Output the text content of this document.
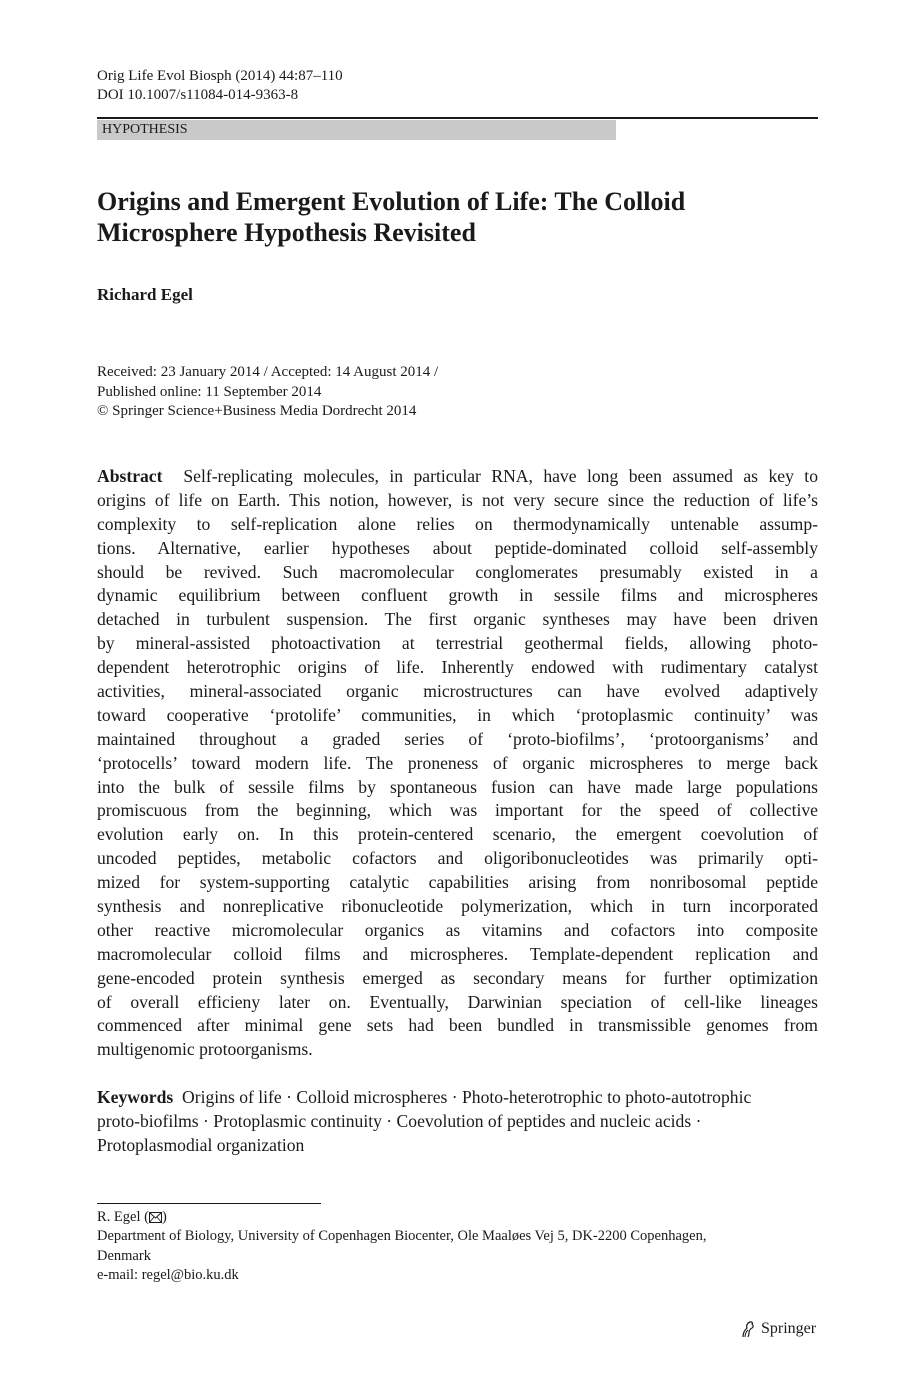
Orig Life Evol Biosph (2014) 44:87–110
DOI 10.1007/s11084-014-9363-8
HYPOTHESIS
Origins and Emergent Evolution of Life: The Colloid
Microsphere Hypothesis Revisited
Richard Egel
Received: 23 January 2014 / Accepted: 14 August 2014 /
Published online: 11 September 2014
© Springer Science+Business Media Dordrecht 2014
Abstract Self-replicating molecules, in particular RNA, have long been assumed as key to
origins of life on Earth. This notion, however, is not very secure since the reduction of life’s
complexity to self-replication alone relies on thermodynamically untenable assump-
tions. Alternative, earlier hypotheses about peptide-dominated colloid self-assembly
should be revived. Such macromolecular conglomerates presumably existed in a
dynamic equilibrium between confluent growth in sessile films and microspheres
detached in turbulent suspension. The first organic syntheses may have been driven
by mineral-assisted photoactivation at terrestrial geothermal fields, allowing photo-
dependent heterotrophic origins of life. Inherently endowed with rudimentary catalyst
activities, mineral-associated organic microstructures can have evolved adaptively
toward cooperative ‘protolife’ communities, in which ‘protoplasmic continuity’ was
maintained throughout a graded series of ‘proto-biofilms’, ‘protoorganisms’ and
‘protocells’ toward modern life. The proneness of organic microspheres to merge back
into the bulk of sessile films by spontaneous fusion can have made large populations
promiscuous from the beginning, which was important for the speed of collective
evolution early on. In this protein-centered scenario, the emergent coevolution of
uncoded peptides, metabolic cofactors and oligoribonucleotides was primarily opti-
mized for system-supporting catalytic capabilities arising from nonribosomal peptide
synthesis and nonreplicative ribonucleotide polymerization, which in turn incorporated
other reactive micromolecular organics as vitamins and cofactors into composite
macromolecular colloid films and microspheres. Template-dependent replication and
gene-encoded protein synthesis emerged as secondary means for further optimization
of overall efficieny later on. Eventually, Darwinian speciation of cell-like lineages
commenced after minimal gene sets had been bundled in transmissible genomes from
multigenomic protoorganisms.
Keywords Origins of life · Colloid microspheres · Photo-heterotrophic to photo-autotrophic
proto-biofilms · Protoplasmic continuity · Coevolution of peptides and nucleic acids ·
Protoplasmodial organization
R. Egel ( )
Department of Biology, University of Copenhagen Biocenter, Ole Maaløes Vej 5, DK-2200 Copenhagen,
Denmark
e-mail: regel@bio.ku.dk
Springer
